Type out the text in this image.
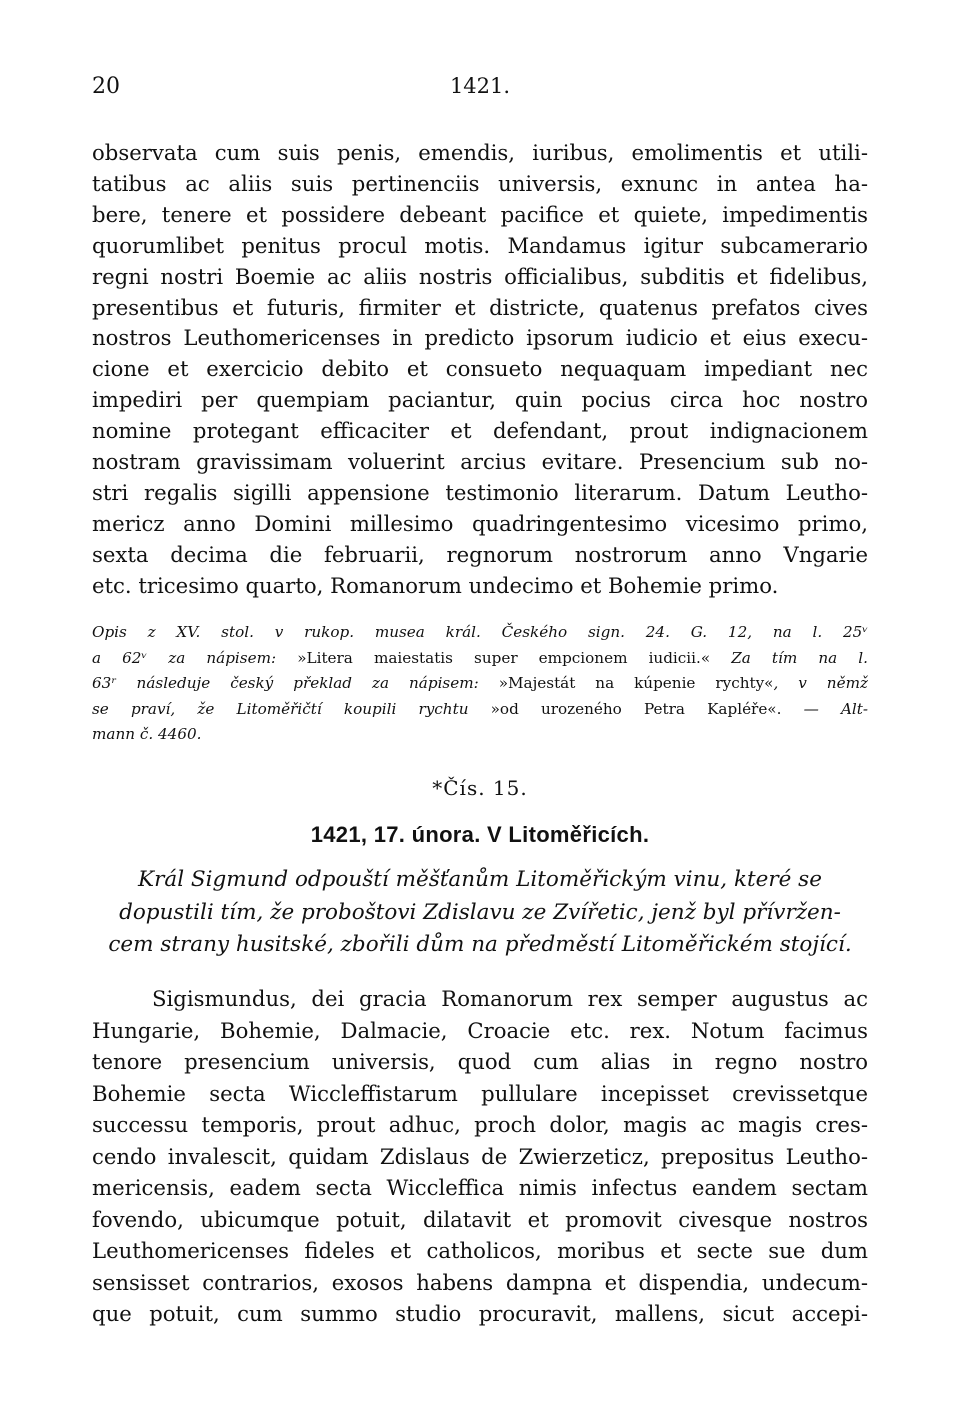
20	1421.
observata cum suis penis, emendis, iuribus, emolimentis et utili-
tatibus ac aliis suis pertinenciis universis, exnunc in antea ha-
bere, tenere et possidere debeant pacifice et quiete, impedimentis
quorumlibet penitus procul motis. Mandamus igitur subcamerario
regni nostri Boemie ac aliis nostris officialibus, subditis et fidelibus,
presentibus et futuris, firmiter et districte, quatenus prefatos cives
nostros Leuthomericenses in predicto ipsorum iudicio et eius execu-
cione et exercicio debito et consueto nequaquam impediant nec
impediri per quempiam paciantur, quin pocius circa hoc nostro
nomine protegant efficaciter et defendant, prout indignacionem
nostram gravissimam voluerint arcius evitare. Presencium sub no-
stri regalis sigilli appensione testimonio literarum. Datum Leutho-
mericz anno Domini millesimo quadringentesimo vicesimo primo,
sexta decima die februarii, regnorum nostrorum anno Vngarie
etc. tricesimo quarto, Romanorum undecimo et Bohemie primo.
Opis z XV. stol. v rukop. musea král. Českého sign. 24. G. 12, na l. 25ᵛ
a 62ᵛ za nápisem: »Litera maiestatis super empcionem iudicii.« Za tím na l.
63ʳ následuje český překlad za nápisem: »Majestát na kúpenie rychty«, v němž
se praví, že Litoměřičtí koupili rychtu »od urozeného Petra Kapléře«. — Alt-
mann č. 4460.
*Čís. 15.
1421, 17. února. V Litoměřicích.
Král Sigmund odpouští měšťanům Litoměřickým vinu, které se
dopustili tím, že proboštovi Zdislavu ze Zvířetic, jenž byl přívržen-
cem strany husitské, zbořili dům na předměstí Litoměřickém stojící.
Sigismundus, dei gracia Romanorum rex semper augustus ac
Hungarie, Bohemie, Dalmacie, Croacie etc. rex. Notum facimus
tenore presencium universis, quod cum alias in regno nostro
Bohemie secta Wiccleffistarum pullulare incepisset crevissetque
successu temporis, prout adhuc, proch dolor, magis ac magis cres-
cendo invalescit, quidam Zdislaus de Zwierzeticz, prepositus Leutho-
mericensis, eadem secta Wiccleffica nimis infectus eandem sectam
fovendo, ubicumque potuit, dilatavit et promovit civesque nostros
Leuthomericenses fideles et catholicos, moribus et secte sue dum
sensisset contrarios, exosos habens dampna et dispendia, undecum-
que potuit, cum summo studio procuravit, mallens, sicut accepi-
